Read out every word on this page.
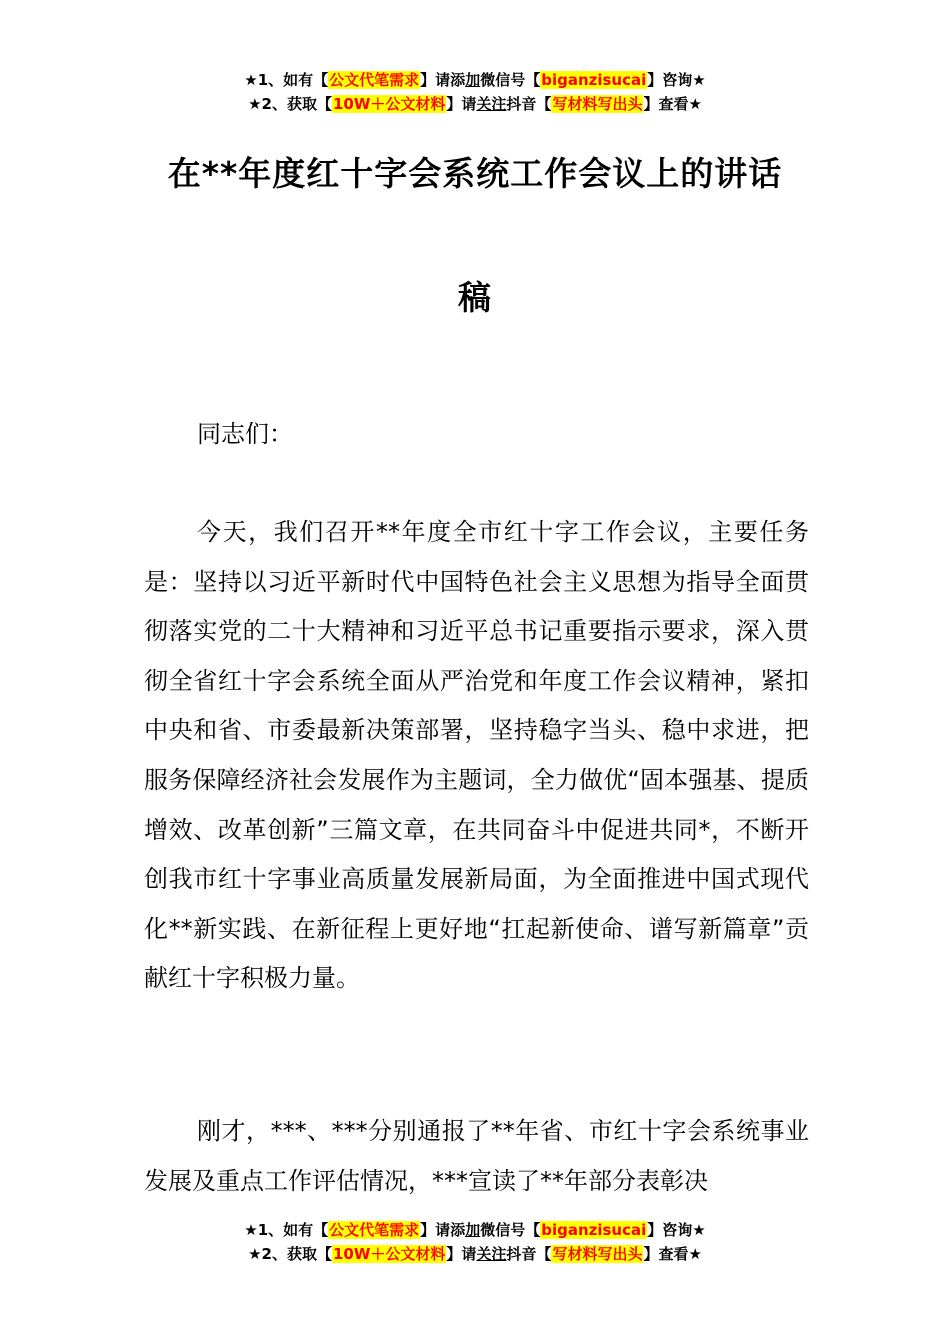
★1、如有【公文代笔需求】请添加微信号【biganzisucai】咨询★
★2、获取【10W＋公文材料】请关注抖音【写材料写出头】查看★
在**年度红十字会系统工作会议上的讲话
稿

同志们：

今天，我们召开**年度全市红十字工作会议，主要任务是：坚持以习近平新时代中国特色社会主义思想为指导全面贯彻落实党的二十大精神和习近平总书记重要指示要求，深入贯彻全省红十字会系统全面从严治党和年度工作会议精神，紧扣中央和省、市委最新决策部署，坚持稳字当头、稳中求进，把服务保障经济社会发展作为主题词，全力做优“固本强基、提质增效、改革创新”三篇文章，在共同奋斗中促进共同*，不断开创我市红十字事业高质量发展新局面，为全面推进中国式现代化**新实践、在新征程上更好地“扛起新使命、谱写新篇章”贡献红十字积极力量。

刚才，***、***分别通报了**年省、市红十字会系统事业发展及重点工作评估情况，***宣读了**年部分表彰决

★1、如有【公文代笔需求】请添加微信号【biganzisucai】咨询★
★2、获取【10W＋公文材料】请关注抖音【写材料写出头】查看★
